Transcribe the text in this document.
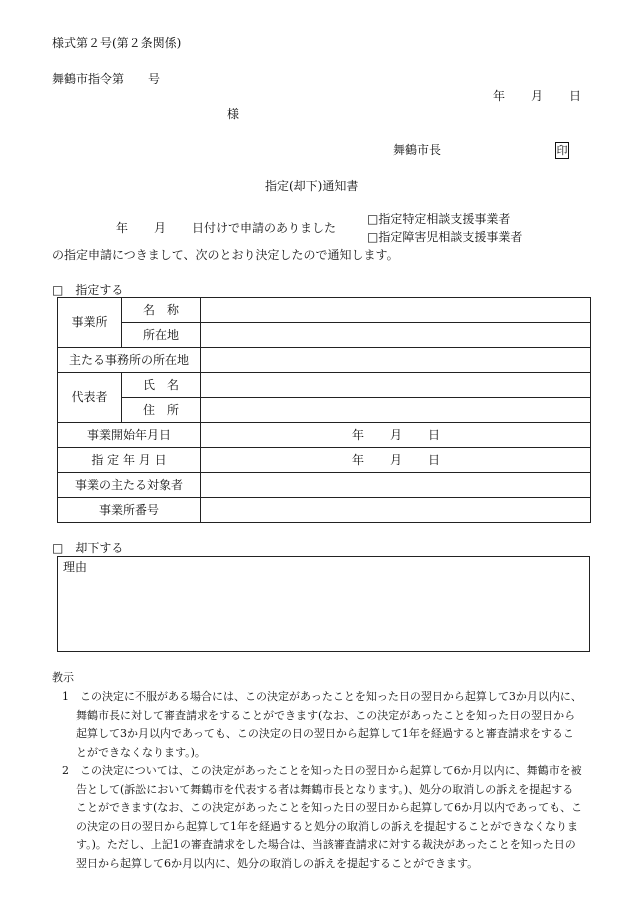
様式第２号(第２条関係)
舞鶴市指令第　　号
年 月 日
様
舞鶴市長	印
指定(却下)通知書
年 月 日付けで申請のありました
□指定特定相談支援事業者
□指定障害児相談支援事業者
の指定申請につきまして、次のとおり決定したので通知します。
□　指定する
事業所	名　称	
	所在地	
主たる事務所の所在地		
代表者	氏　名	
	住　所	
事業開始年月日		年 月 日
指 定 年 月 日		年 月 日
事業の主たる対象者		
事業所番号		
□　却下する
理由
教示
1　この決定に不服がある場合には、この決定があったことを知った日の翌日から起算して3か月以内に、舞鶴市長に対して審査請求をすることができます(なお、この決定があったことを知った日の翌日から起算して3か月以内であっても、この決定の日の翌日から起算して1年を経過すると審査請求をすることができなくなります。)。
2　この決定については、この決定があったことを知った日の翌日から起算して6か月以内に、舞鶴市を被告として(訴訟において舞鶴市を代表する者は舞鶴市長となります。)、処分の取消しの訴えを提起することができます(なお、この決定があったことを知った日の翌日から起算して6か月以内であっても、この決定の日の翌日から起算して1年を経過すると処分の取消しの訴えを提起することができなくなります。)。ただし、上記1の審査請求をした場合は、当該審査請求に対する裁決があったことを知った日の翌日から起算して6か月以内に、処分の取消しの訴えを提起することができます。
